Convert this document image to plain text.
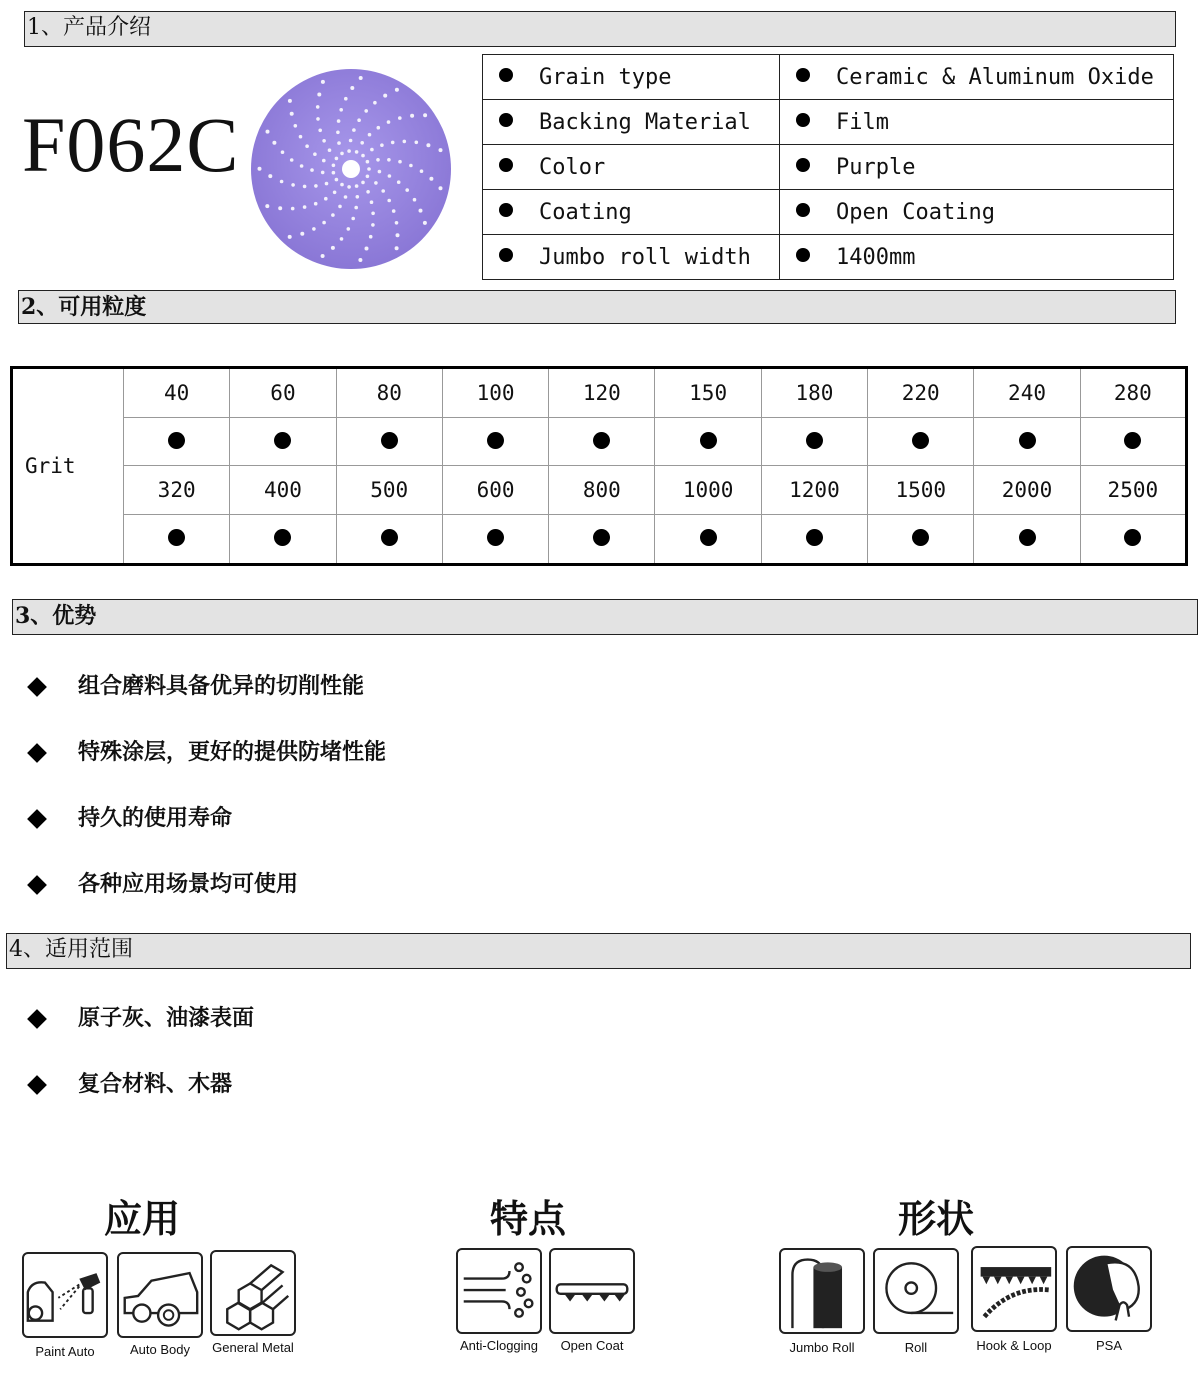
1、产品介绍
F062C
Grain type	Ceramic & Aluminum Oxide
Backing Material	Film
Color	Purple
Coating	Open Coating
Jumbo roll width	1400mm
2、可用粒度
Grit	40	60	80	100	120	150	180	220	240	280

	320	400	500	600	800	1000	1200	1500	2000	2500

3、优势
组合磨料具备优异的切削性能
特殊涂层，更好的提供防堵性能
持久的使用寿命
各种应用场景均可使用
4、适用范围
原子灰、油漆表面
复合材料、木器
应用	特点	形状
Paint Auto	Auto Body	General Metal	Anti-Clogging	Open Coat	Jumbo Roll	Roll	Hook & Loop	PSA
